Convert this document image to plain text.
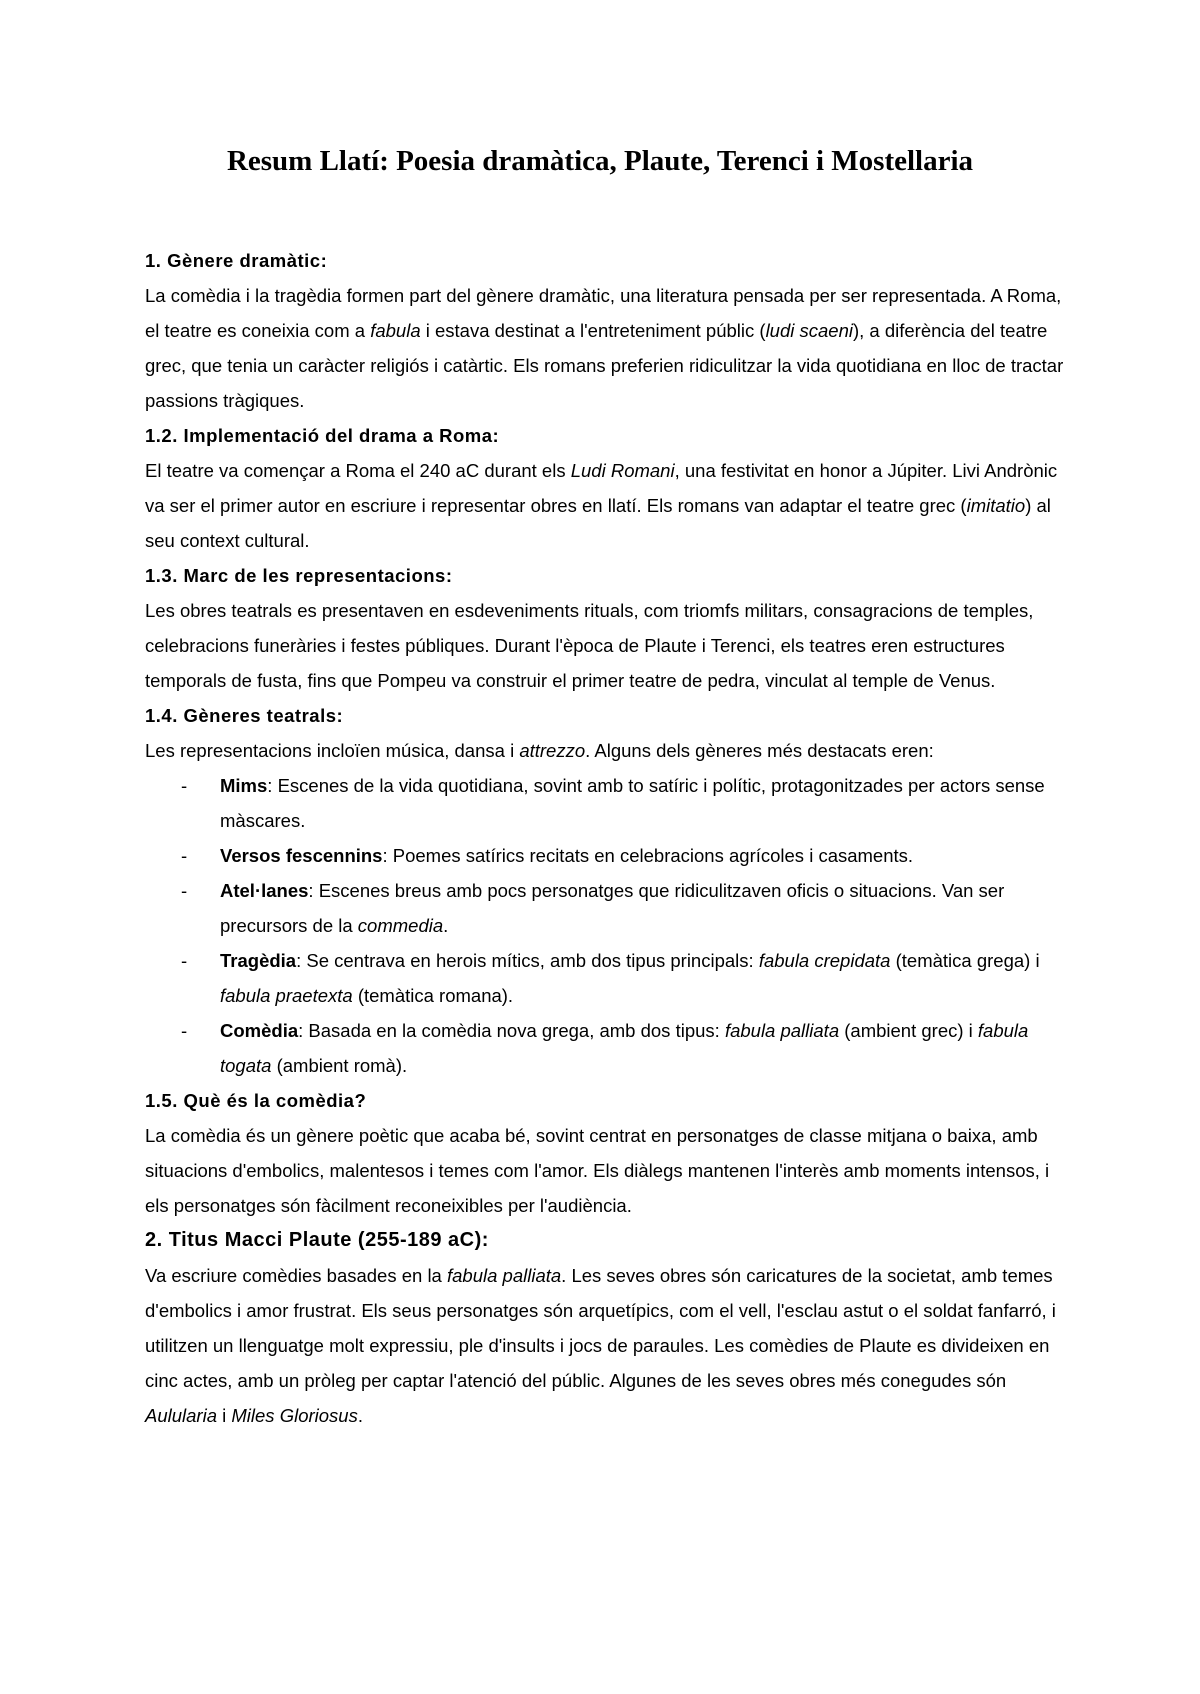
Resum Llatí: Poesia dramàtica, Plaute, Terenci i Mostellaria
1. Gènere dramàtic:

La comèdia i la tragèdia formen part del gènere dramàtic, una literatura pensada per ser representada. A Roma, el teatre es coneixia com a fabula i estava destinat a l'entreteniment públic (ludi scaeni), a diferència del teatre grec, que tenia un caràcter religiós i catàrtic. Els romans preferien ridiculitzar la vida quotidiana en lloc de tractar passions tràgiques.

1.2. Implementació del drama a Roma:

El teatre va començar a Roma el 240 aC durant els Ludi Romani, una festivitat en honor a Júpiter. Livi Andrònic va ser el primer autor en escriure i representar obres en llatí. Els romans van adaptar el teatre grec (imitatio) al seu context cultural.

1.3. Marc de les representacions:

Les obres teatrals es presentaven en esdeveniments rituals, com triomfs militars, consagracions de temples, celebracions funeràries i festes públiques. Durant l'època de Plaute i Terenci, els teatres eren estructures temporals de fusta, fins que Pompeu va construir el primer teatre de pedra, vinculat al temple de Venus.

1.4. Gèneres teatrals:

Les representacions incloïen música, dansa i attrezzo. Alguns dels gèneres més destacats eren:

- Mims: Escenes de la vida quotidiana, sovint amb to satíric i polític, protagonitzades per actors sense màscares.
- Versos fescennins: Poemes satírics recitats en celebracions agrícoles i casaments.
- Atel·lanes: Escenes breus amb pocs personatges que ridiculitzaven oficis o situacions. Van ser precursors de la commedia.
- Tragèdia: Se centrava en herois mítics, amb dos tipus principals: fabula crepidata (temàtica grega) i fabula praetexta (temàtica romana).
- Comèdia: Basada en la comèdia nova grega, amb dos tipus: fabula palliata (ambient grec) i fabula togata (ambient romà).
1.5. Què és la comèdia?

La comèdia és un gènere poètic que acaba bé, sovint centrat en personatges de classe mitjana o baixa, amb situacions d'embolics, malentesos i temes com l'amor. Els diàlegs mantenen l'interès amb moments intensos, i els personatges són fàcilment reconeixibles per l'audiència.

2. Titus Macci Plaute (255-189 aC):

Va escriure comèdies basades en la fabula palliata. Les seves obres són caricatures de la societat, amb temes d'embolics i amor frustrat. Els seus personatges són arquetípics, com el vell, l'esclau astut o el soldat fanfarró, i utilitzen un llenguatge molt expressiu, ple d'insults i jocs de paraules. Les comèdies de Plaute es divideixen en cinc actes, amb un pròleg per captar l'atenció del públic. Algunes de les seves obres més conegudes són Aulularia i Miles Gloriosus.
